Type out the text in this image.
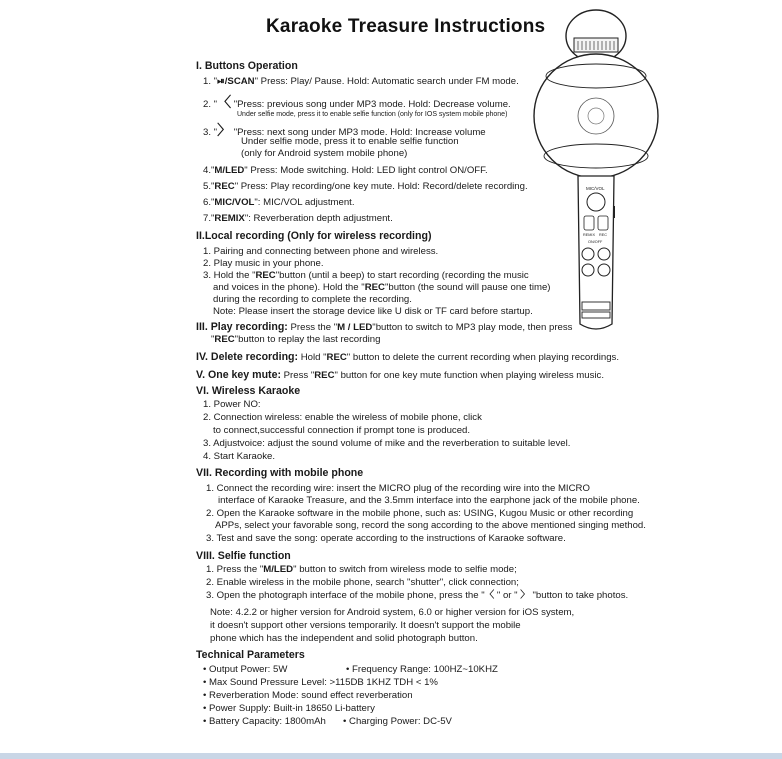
Karaoke Treasure Instructions
I. Buttons Operation
1. "⏯/SCAN" Press: Play/ Pause. Hold: Automatic search under FM mode.
2. "〈 "Press: previous song under MP3 mode. Hold: Decrease volume.
Under selfie mode, press it to enable selfie function (only for IOS system mobile phone)
3. "〉 "Press: next song under MP3 mode. Hold: Increase volume
Under selfie mode, press it to enable selfie function
(only for Android system mobile phone)
4."M/LED" Press: Mode switching. Hold: LED light control ON/OFF.
5."REC" Press: Play recording/one key mute. Hold: Record/delete recording.
6."MIC/VOL": MIC/VOL adjustment.
7."REMIX": Reverberation depth adjustment.
II.Local recording (Only for wireless recording)
1. Pairing and connecting between phone and wireless.
2. Play music in your phone.
3. Hold the "REC"button (until a beep) to start recording (recording the music
and voices in the phone). Hold the "REC"button (the sound will pause one time)
during the recording to complete the recording.
Note: Please insert the storage device like U disk or TF card before startup.
III. Play recording: Press the "M / LED"button to switch to MP3 play mode, then press
"REC"button to replay the last recording
IV. Delete recording: Hold "REC" button to delete the current recording when playing recordings.
V. One key mute: Press "REC" button for one key mute function when playing wireless music.
VI. Wireless Karaoke
1. Power NO:
2. Connection wireless: enable the wireless of mobile phone, click
to connect,successful connection if prompt tone is produced.
3. Adjustvoice: adjust the sound volume of mike and the reverberation to suitable level.
4. Start Karaoke.
VII. Recording with mobile phone
1. Connect the recording wire: insert the MICRO plug of the recording wire into the MICRO
interface of Karaoke Treasure, and the 3.5mm interface into the earphone jack of the mobile phone.
2. Open the Karaoke software in the mobile phone, such as: USING, Kugou Music or other recording
APPs, select your favorable song, record the song according to the above mentioned singing method.
3. Test and save the song: operate according to the instructions of Karaoke software.
VIII. Selfie function
1. Press the "M/LED" button to switch from wireless mode to selfie mode;
2. Enable wireless in the mobile phone, search "shutter", click connection;
3. Open the photograph interface of the mobile phone, press the "〈 " or " 〉 "button to take photos.
Note: 4.2.2 or higher version for Android system, 6.0 or higher version for iOS system,
it doesn't support other versions temporarily. It doesn't support the mobile
phone which has the independent and solid photograph button.
Technical Parameters
• Output Power: 5W	• Frequency Range: 100HZ~10KHZ
• Max Sound Pressure Level: >115DB 1KHZ TDH < 1%
• Reverberation Mode: sound effect reverberation
• Power Supply: Built-in 18650 Li-battery
• Battery Capacity: 1800mAh • Charging Power: DC-5V
MIC/VOL
REMIX REC
ON/OFF
